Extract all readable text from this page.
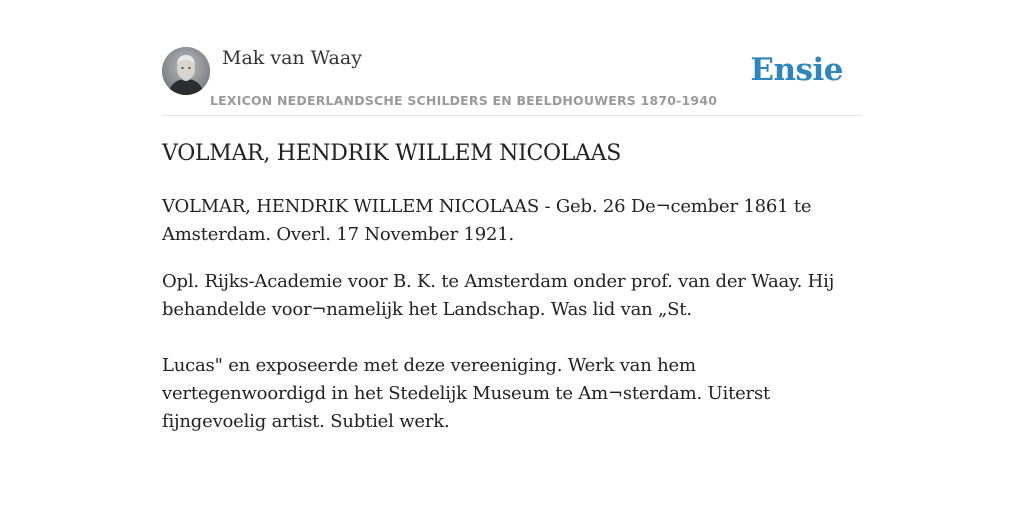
Mak van Waay
LEXICON NEDERLANDSCHE SCHILDERS EN BEELDHOUWERS 1870-1940
Ensie
VOLMAR, HENDRIK WILLEM NICOLAAS

VOLMAR, HENDRIK WILLEM NICOLAAS - Geb. 26 De¬cember 1861 te Amsterdam. Overl. 17 November 1921.

Opl. Rijks-Academie voor B. K. te Amsterdam onder prof. van der Waay. Hij behandelde voor¬namelijk het Landschap. Was lid van „St.

Lucas" en exposeerde met deze vereeniging. Werk van hem vertegenwoordigd in het Stedelijk Museum te Am¬sterdam. Uiterst fijngevoelig artist. Subtiel werk.
